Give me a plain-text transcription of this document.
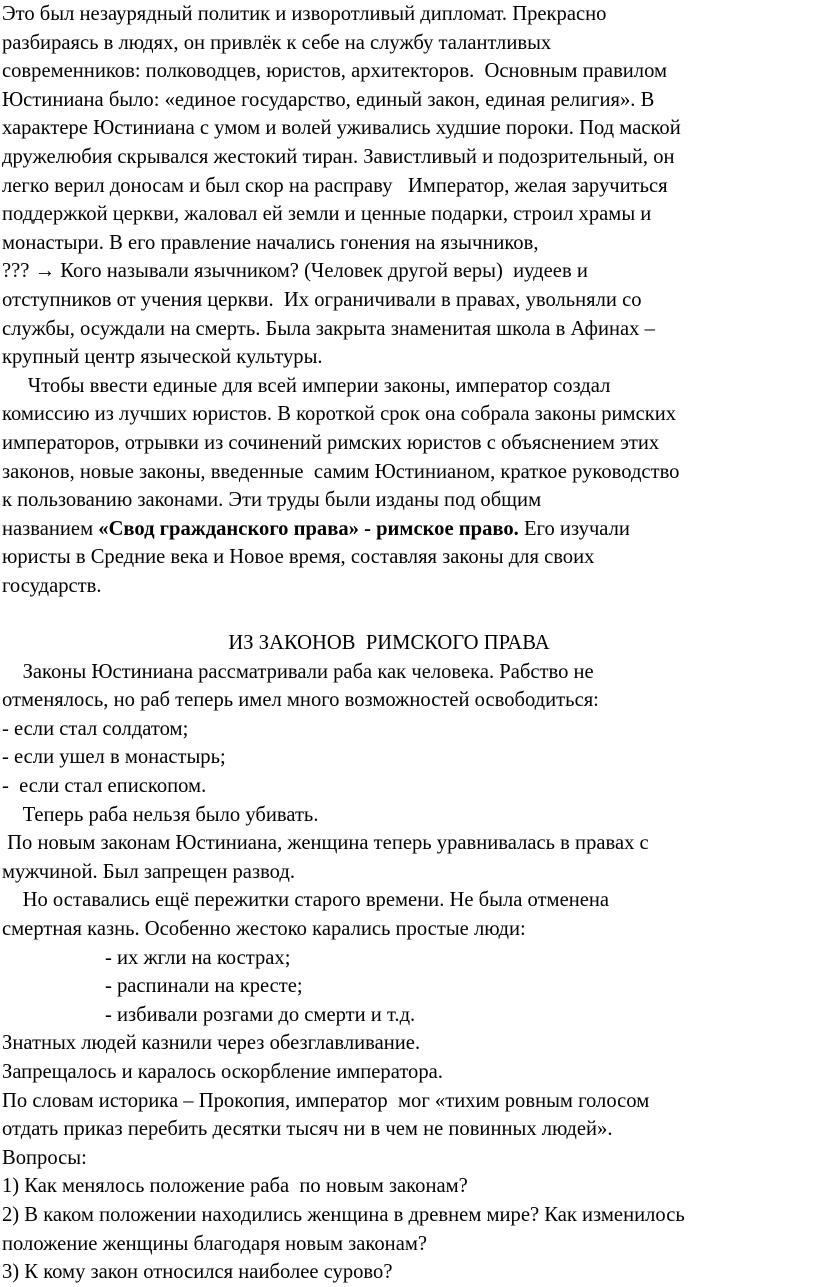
Это был незаурядный политик и изворотливый дипломат. Прекрасно
разбираясь в людях, он привлёк к себе на службу талантливых
современников: полководцев, юристов, архитекторов.  Основным правилом
Юстиниана было: «единое государство, единый закон, единая религия». В
характере Юстиниана с умом и волей уживались худшие пороки. Под маской
дружелюбия скрывался жестокий тиран. Завистливый и подозрительный, он
легко верил доносам и был скор на расправу   Император, желая заручиться
поддержкой церкви, жаловал ей земли и ценные подарки, строил храмы и
монастыри. В его правление начались гонения на язычников,
??? → Кого называли язычником? (Человек другой веры)  иудеев и
отступников от учения церкви.  Их ограничивали в правах, увольняли со
службы, осуждали на смерть. Была закрыта знаменитая школа в Афинах –
крупный центр языческой культуры.
Чтобы ввести единые для всей империи законы, император создал
комиссию из лучших юристов. В короткой срок она собрала законы римских
императоров, отрывки из сочинений римских юристов с объяснением этих
законов, новые законы, введенные  самим Юстинианом, краткое руководство
к пользованию законами. Эти труды были изданы под общим
названием «Свод гражданского права» - римское право. Его изучали
юристы в Средние века и Новое время, составляя законы для своих
государств.
ИЗ ЗАКОНОВ  РИМСКОГО ПРАВА
Законы Юстиниана рассматривали раба как человека. Рабство не
отменялось, но раб теперь имел много возможностей освободиться:
- если стал солдатом;
- если ушел в монастырь;
-  если стал епископом.
Теперь раба нельзя было убивать.
По новым законам Юстиниана, женщина теперь уравнивалась в правах с
мужчиной. Был запрещен развод.
Но оставались ещё пережитки старого времени. Не была отменена
смертная казнь. Особенно жестоко карались простые люди:
- их жгли на кострах;
- распинали на кресте;
- избивали розгами до смерти и т.д.
Знатных людей казнили через обезглавливание.
Запрещалось и каралось оскорбление императора.
По словам историка – Прокопия, император  мог «тихим ровным голосом
отдать приказ перебить десятки тысяч ни в чем не повинных людей».
Вопросы:
1) Как менялось положение раба  по новым законам?
2) В каком положении находились женщина в древнем мире? Как изменилось
положение женщины благодаря новым законам?
3) К кому закон относился наиболее сурово?
